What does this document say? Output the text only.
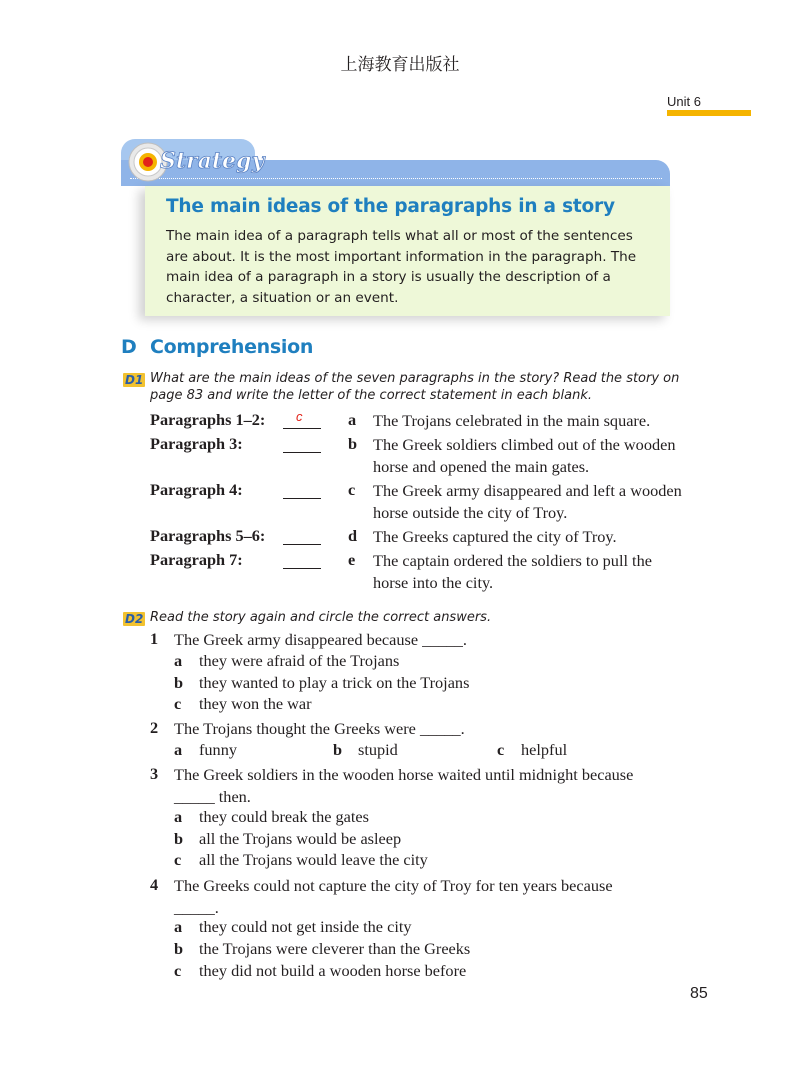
上海教育出版社
Unit 6
Strategy
The main ideas of the paragraphs in a story
The main idea of a paragraph tells what all or most of the sentences are about. It is the most important information in the paragraph. The main idea of a paragraph in a story is usually the description of a character, a situation or an event.
D Comprehension
D1 What are the main ideas of the seven paragraphs in the story? Read the story on page 83 and write the letter of the correct statement in each blank.
Paragraphs 1–2: c
Paragraph 3:
Paragraph 4:
Paragraphs 5–6:
Paragraph 7:
a The Trojans celebrated in the main square.
b The Greek soldiers climbed out of the wooden horse and opened the main gates.
c The Greek army disappeared and left a wooden horse outside the city of Troy.
d The Greeks captured the city of Troy.
e The captain ordered the soldiers to pull the horse into the city.
D2 Read the story again and circle the correct answers.
1 The Greek army disappeared because _____.
a they were afraid of the Trojans
b they wanted to play a trick on the Trojans
c they won the war
2 The Trojans thought the Greeks were _____.
a funny	b stupid	c helpful
3 The Greek soldiers in the wooden horse waited until midnight because _____ then.
a they could break the gates
b all the Trojans would be asleep
c all the Trojans would leave the city
4 The Greeks could not capture the city of Troy for ten years because _____.
a they could not get inside the city
b the Trojans were cleverer than the Greeks
c they did not build a wooden horse before
85
